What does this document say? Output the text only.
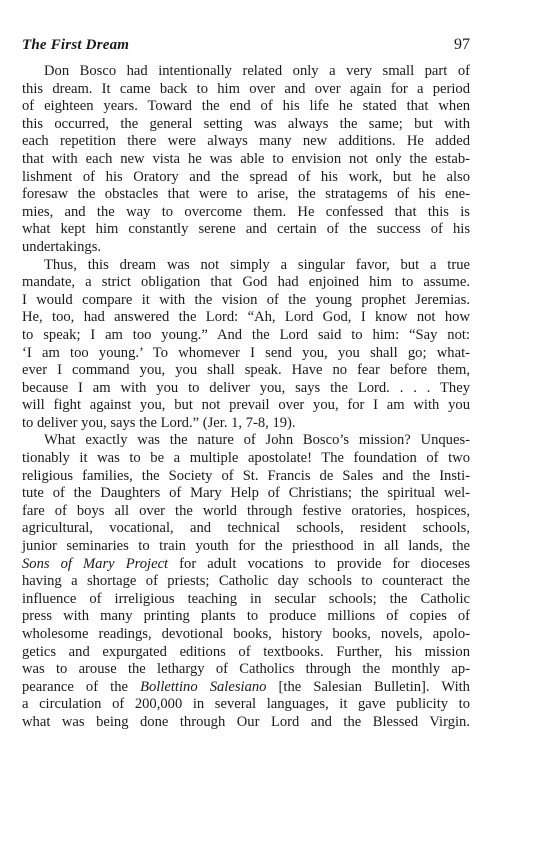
The First Dream	97

Don Bosco had intentionally related only a very small part of
this dream. It came back to him over and over again for a period
of eighteen years. Toward the end of his life he stated that when
this occurred, the general setting was always the same; but with
each repetition there were always many new additions. He added
that with each new vista he was able to envision not only the estab-
lishment of his Oratory and the spread of his work, but he also
foresaw the obstacles that were to arise, the stratagems of his ene-
mies, and the way to overcome them. He confessed that this is
what kept him constantly serene and certain of the success of his
undertakings.

Thus, this dream was not simply a singular favor, but a true
mandate, a strict obligation that God had enjoined him to assume.
I would compare it with the vision of the young prophet Jeremias.
He, too, had answered the Lord: “Ah, Lord God, I know not how
to speak; I am too young.” And the Lord said to him: “Say not:
‘I am too young.’ To whomever I send you, you shall go; what-
ever I command you, you shall speak. Have no fear before them,
because I am with you to deliver you, says the Lord. . . . They
will fight against you, but not prevail over you, for I am with you
to deliver you, says the Lord.” (Jer. 1, 7-8, 19).

What exactly was the nature of John Bosco’s mission? Unques-
tionably it was to be a multiple apostolate! The foundation of two
religious families, the Society of St. Francis de Sales and the Insti-
tute of the Daughters of Mary Help of Christians; the spiritual wel-
fare of boys all over the world through festive oratories, hospices,
agricultural, vocational, and technical schools, resident schools,
junior seminaries to train youth for the priesthood in all lands, the
Sons of Mary Project for adult vocations to provide for dioceses
having a shortage of priests; Catholic day schools to counteract the
influence of irreligious teaching in secular schools; the Catholic
press with many printing plants to produce millions of copies of
wholesome readings, devotional books, history books, novels, apolo-
getics and expurgated editions of textbooks. Further, his mission
was to arouse the lethargy of Catholics through the monthly ap-
pearance of the Bollettino Salesiano [the Salesian Bulletin]. With
a circulation of 200,000 in several languages, it gave publicity to
what was being done through Our Lord and the Blessed Virgin.
